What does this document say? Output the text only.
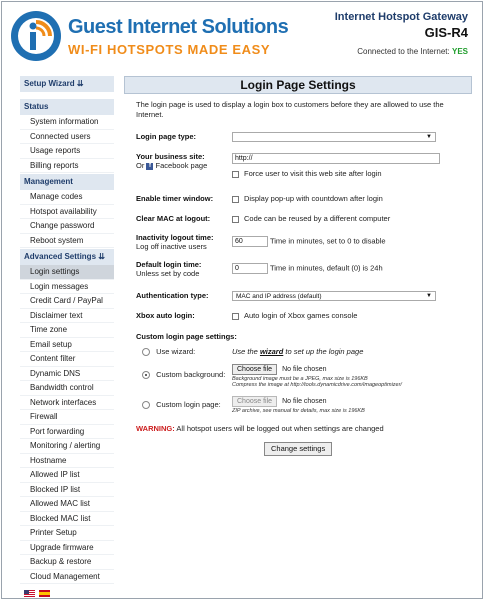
Guest Internet Solutions
WI-FI HOTSPOTS MADE EASY
Internet Hotspot Gateway
GIS-R4
Connected to the Internet: YES
Setup Wizard ⇊
Status
System information
Connected users
Usage reports
Billing reports
Management
Manage codes
Hotspot availability
Change password
Reboot system
Advanced Settings ⇊
Login settings
Login messages
Credit Card / PayPal
Disclaimer text
Time zone
Email setup
Content filter
Dynamic DNS
Bandwidth control
Network interfaces
Firewall
Port forwarding
Monitoring / alerting
Hostname
Allowed IP list
Blocked IP list
Allowed MAC list
Blocked MAC list
Printer Setup
Upgrade firmware
Backup & restore
Cloud Management
Login Page Settings
The login page is used to display a login box to customers before they are allowed to use the Internet.
Login page type:	▼
Your business site:
Or f Facebook page
http://
Force user to visit this web site after login
Enable timer window:	Display pop-up with countdown after login
Clear MAC at logout:	Code can be reused by a different computer
Inactivity logout time:
Log off inactive users
60	Time in minutes, set to 0 to disable
Default login time:
Unless set by code
0	Time in minutes, default (0) is 24h
Authentication type:	MAC and IP address (default)	▼
Xbox auto login:	Auto login of Xbox games console
Custom login page settings:
Use wizard:	Use the wizard to set up the login page
Custom background:
Choose file No file chosen
Background image must be a JPEG, max size is 196KB
Compress the image at http://tools.dynamicdrive.com/imageoptimizer/
Custom login page:	Choose file No file chosen
ZIP archive, see manual for details, max size is 196KB
WARNING: All hotspot users will be logged out when settings are changed
Change settings
